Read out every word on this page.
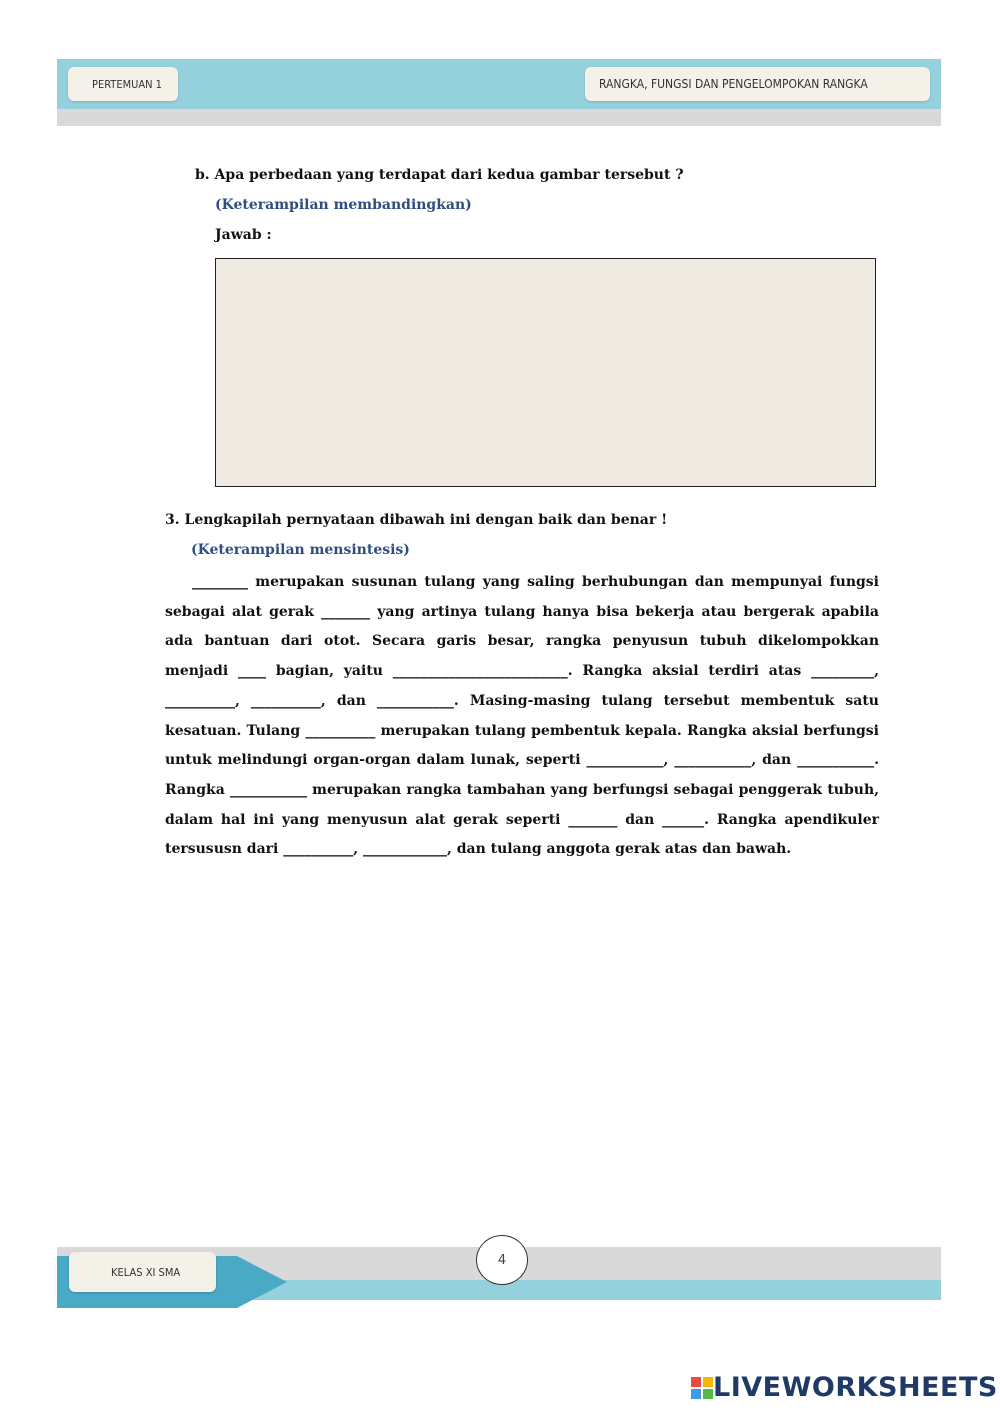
PERTEMUAN 1	RANGKA, FUNGSI DAN PENGELOMPOKAN RANGKA
b. Apa perbedaan yang terdapat dari kedua gambar tersebut ?
(Keterampilan membandingkan)
Jawab :
3. Lengkapilah pernyataan dibawah ini dengan baik dan benar !
(Keterampilan mensintesis)
________ merupakan susunan tulang yang saling berhubungan dan mempunyai fungsi sebagai alat gerak _______ yang artinya tulang hanya bisa bekerja atau bergerak apabila ada bantuan dari otot. Secara garis besar, rangka penyusun tubuh dikelompokkan menjadi ____ bagian, yaitu _________________________. Rangka aksial terdiri atas _________, __________, __________, dan ___________. Masing-masing tulang tersebut membentuk satu kesatuan. Tulang __________ merupakan tulang pembentuk kepala. Rangka aksial berfungsi untuk melindungi organ-organ dalam lunak, seperti ___________, ___________, dan ___________. Rangka ___________ merupakan rangka tambahan yang berfungsi sebagai penggerak tubuh, dalam hal ini yang menyusun alat gerak seperti _______ dan ______. Rangka apendikuler tersususn dari __________, ____________, dan tulang anggota gerak atas dan bawah.
KELAS XI SMA
4
LIVEWORKSHEETS
